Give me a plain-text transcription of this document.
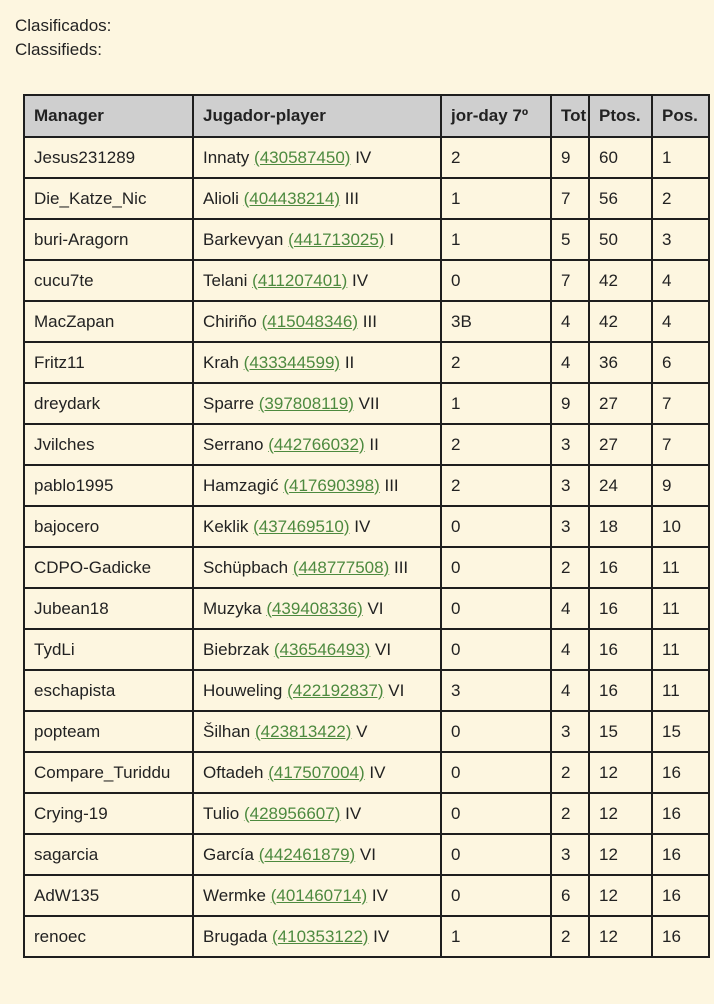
Clasificados:
Classifieds:
Manager	Jugador-player	jor-day 7º	Tot	Ptos.	Pos.
Jesus231289	Innaty (430587450) IV	2	9	60	1
Die_Katze_Nic	Alioli (404438214) III	1	7	56	2
buri-Aragorn	Barkevyan (441713025) I	1	5	50	3
cucu7te	Telani (411207401) IV	0	7	42	4
MacZapan	Chiriño (415048346) III	3B	4	42	4
Fritz11	Krah (433344599) II	2	4	36	6
dreydark	Sparre (397808119) VII	1	9	27	7
Jvilches	Serrano (442766032) II	2	3	27	7
pablo1995	Hamzagić (417690398) III	2	3	24	9
bajocero	Keklik (437469510) IV	0	3	18	10
CDPO-Gadicke	Schüpbach (448777508) III	0	2	16	11
Jubean18	Muzyka (439408336) VI	0	4	16	11
TydLi	Biebrzak (436546493) VI	0	4	16	11
eschapista	Houweling (422192837) VI	3	4	16	11
popteam	Šilhan (423813422) V	0	3	15	15
Compare_Turiddu	Oftadeh (417507004) IV	0	2	12	16
Crying-19	Tulio (428956607) IV	0	2	12	16
sagarcia	García (442461879) VI	0	3	12	16
AdW135	Wermke (401460714) IV	0	6	12	16
renoec	Brugada (410353122) IV	1	2	12	16
